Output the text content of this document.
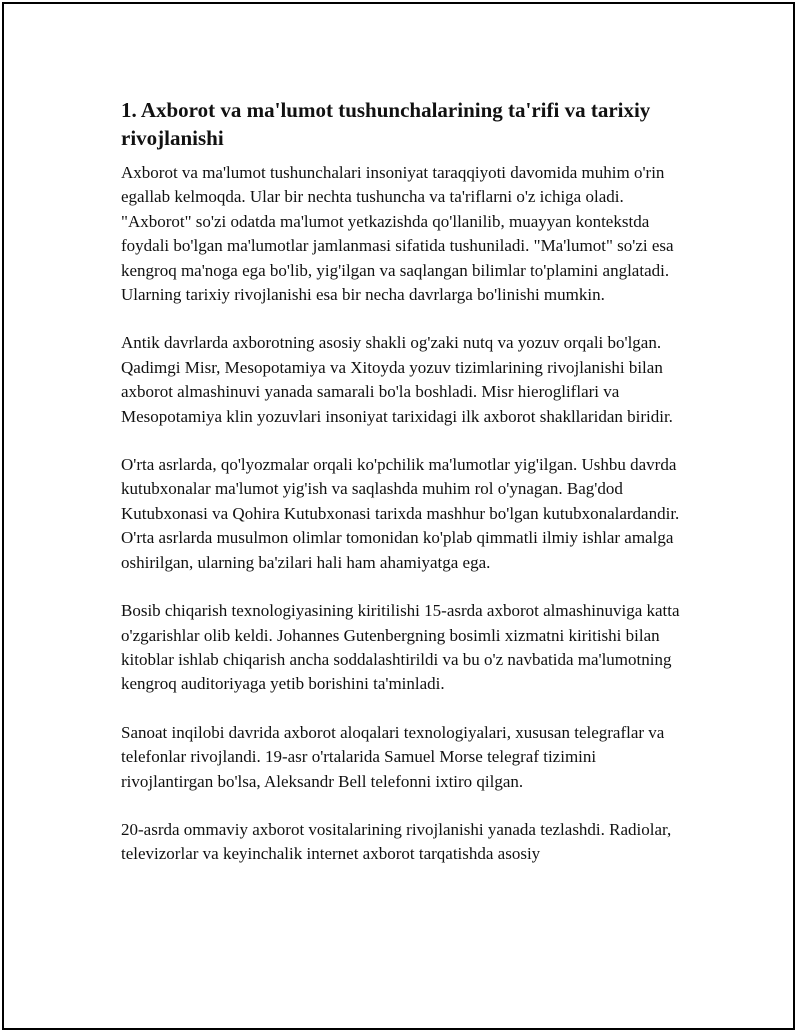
1. Axborot va ma'lumot tushunchalarining ta'rifi va tarixiy rivojlanishi

Axborot va ma'lumot tushunchalari insoniyat taraqqiyoti davomida muhim o'rin egallab kelmoqda. Ular bir nechta tushuncha va ta'riflarni o'z ichiga oladi. "Axborot" so'zi odatda ma'lumot yetkazishda qo'llanilib, muayyan kontekstda foydali bo'lgan ma'lumotlar jamlanmasi sifatida tushuniladi. "Ma'lumot" so'zi esa kengroq ma'noga ega bo'lib, yig'ilgan va saqlangan bilimlar to'plamini anglatadi. Ularning tarixiy rivojlanishi esa bir necha davrlarga bo'linishi mumkin.

Antik davrlarda axborotning asosiy shakli og'zaki nutq va yozuv orqali bo'lgan. Qadimgi Misr, Mesopotamiya va Xitoyda yozuv tizimlarining rivojlanishi bilan axborot almashinuvi yanada samarali bo'la boshladi. Misr hierogliflari va Mesopotamiya klin yozuvlari insoniyat tarixidagi ilk axborot shakllaridan biridir.

O'rta asrlarda, qo'lyozmalar orqali ko'pchilik ma'lumotlar yig'ilgan. Ushbu davrda kutubxonalar ma'lumot yig'ish va saqlashda muhim rol o'ynagan. Bag'dod Kutubxonasi va Qohira Kutubxonasi tarixda mashhur bo'lgan kutubxonalardandir. O'rta asrlarda musulmon olimlar tomonidan ko'plab qimmatli ilmiy ishlar amalga oshirilgan, ularning ba'zilari hali ham ahamiyatga ega.

Bosib chiqarish texnologiyasining kiritilishi 15-asrda axborot almashinuviga katta o'zgarishlar olib keldi. Johannes Gutenbergning bosimli xizmatni kiritishi bilan kitoblar ishlab chiqarish ancha soddalashtirildi va bu o'z navbatida ma'lumotning kengroq auditoriyaga yetib borishini ta'minladi.

Sanoat inqilobi davrida axborot aloqalari texnologiyalari, xususan telegraflar va telefonlar rivojlandi. 19-asr o'rtalarida Samuel Morse telegraf tizimini rivojlantirgan bo'lsa, Aleksandr Bell telefonni ixtiro qilgan.

20-asrda ommaviy axborot vositalarining rivojlanishi yanada tezlashdi. Radiolar, televizorlar va keyinchalik internet axborot tarqatishda asosiy
